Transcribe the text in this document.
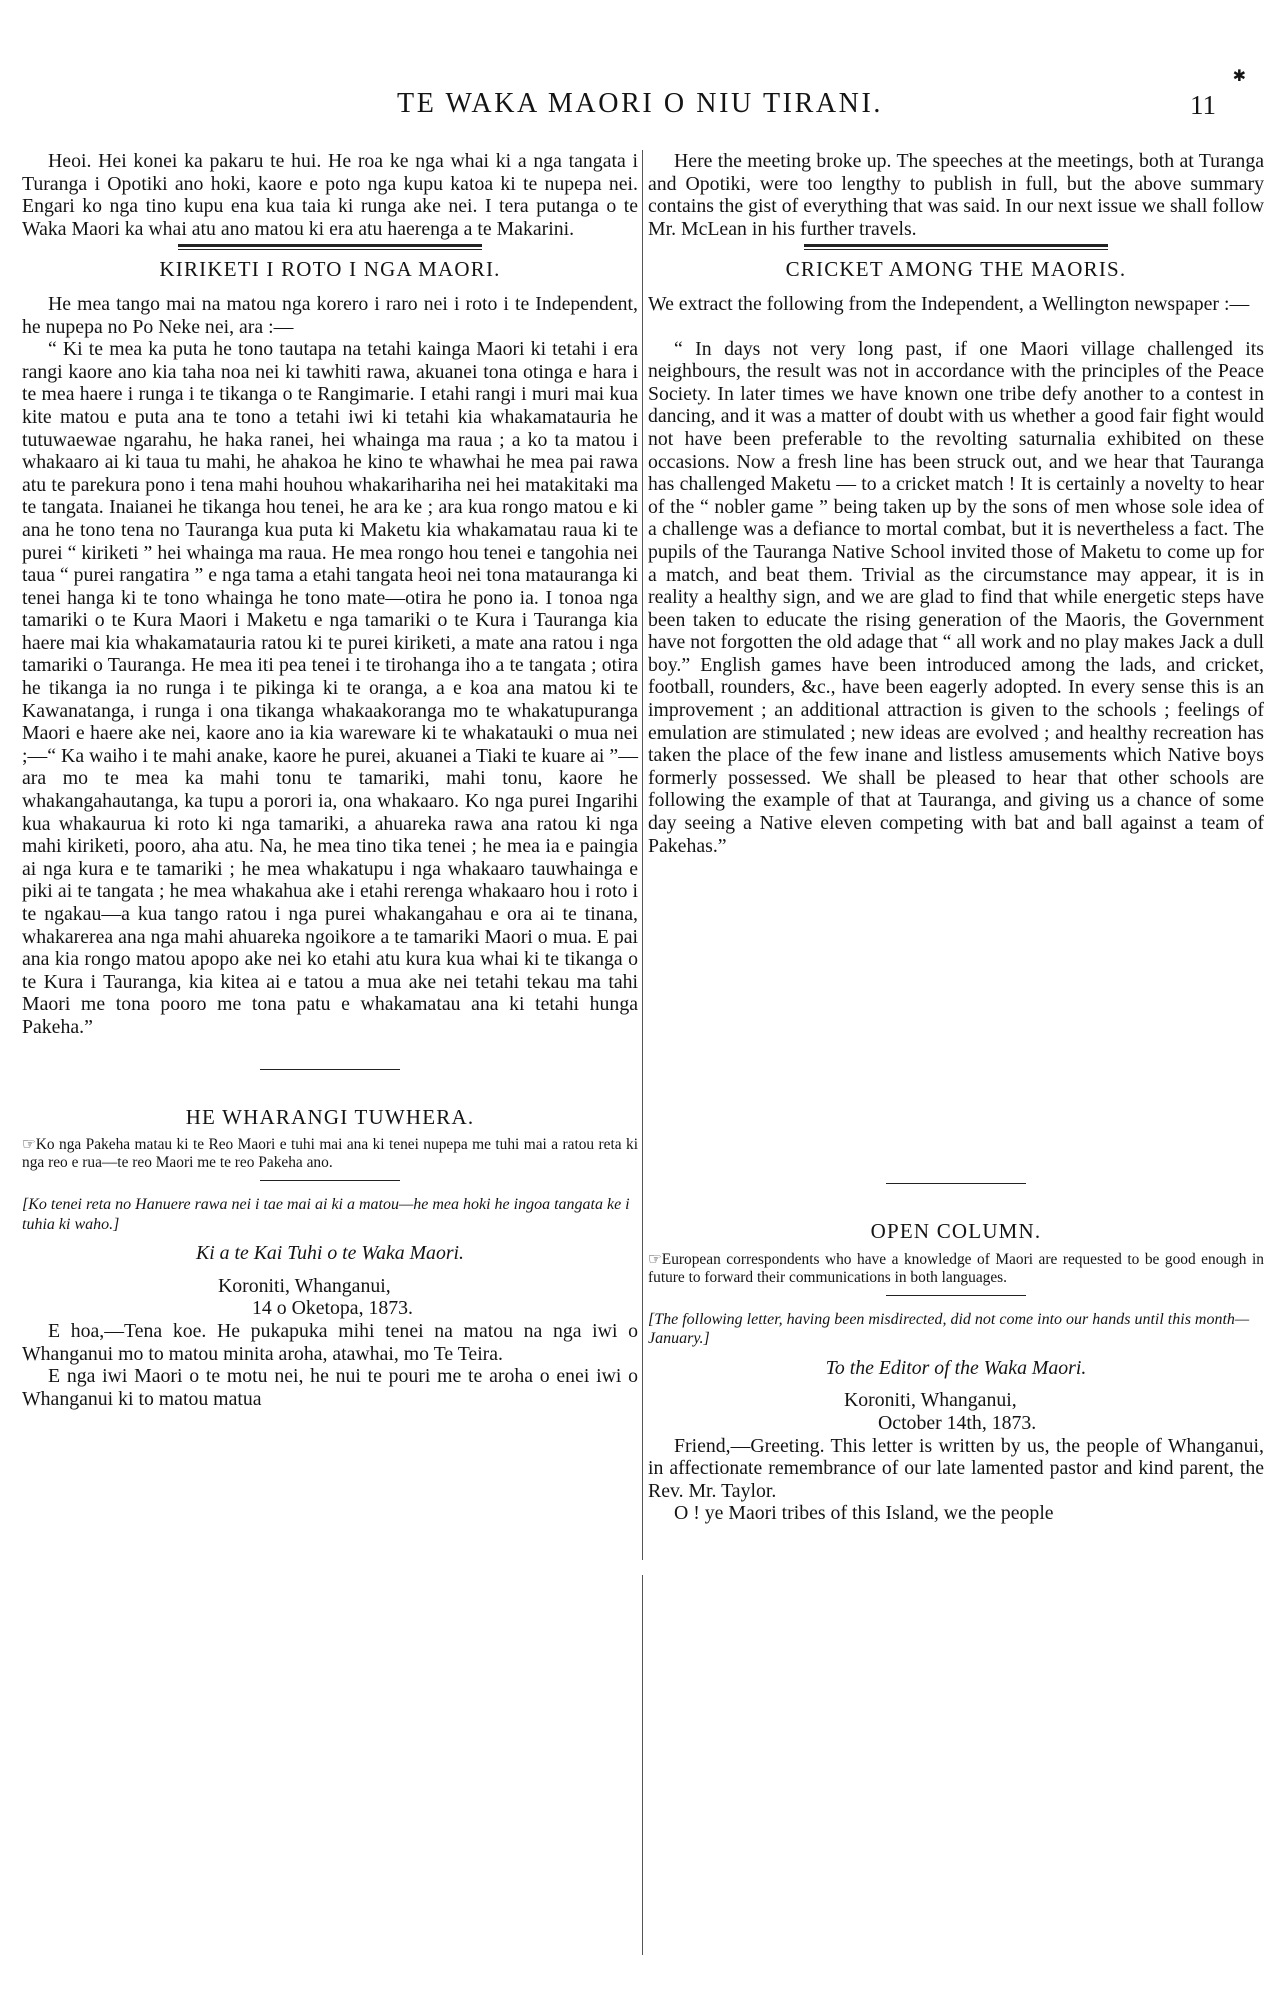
✱
TE WAKA MAORI O NIU TIRANI.	11

Heoi. Hei konei ka pakaru te hui. He roa ke nga whai ki a nga tangata i Turanga i Opotiki ano hoki, kaore e poto nga kupu katoa ki te nupepa nei. Engari ko nga tino kupu ena kua taia ki runga ake nei. I tera putanga o te Waka Maori ka whai atu ano matou ki era atu haerenga a te Makarini.

KIRIKETI I ROTO I NGA MAORI.

He mea tango mai na matou nga korero i raro nei i roto i te Independent, he nupepa no Po Neke nei, ara :—

“ Ki te mea ka puta he tono tautapa na tetahi kainga Maori ki tetahi i era rangi kaore ano kia taha noa nei ki tawhiti rawa, akuanei tona otinga e hara i te mea haere i runga i te tikanga o te Rangimarie. I etahi rangi i muri mai kua kite matou e puta ana te tono a tetahi iwi ki tetahi kia whakamatauria he tutuwaewae ngarahu, he haka ranei, hei whainga ma raua ; a ko ta matou i whakaaro ai ki taua tu mahi, he ahakoa he kino te whawhai he mea pai rawa atu te parekura pono i tena mahi houhou whakarihariha nei hei matakitaki ma te tangata. Inaianei he tikanga hou tenei, he ara ke ; ara kua rongo matou e ki ana he tono tena no Tauranga kua puta ki Maketu kia whakamatau raua ki te purei “ kiriketi ” hei whainga ma raua. He mea rongo hou tenei e tangohia nei taua “ purei rangatira ” e nga tama a etahi tangata heoi nei tona matauranga ki tenei hanga ki te tono whainga he tono mate—otira he pono ia. I tonoa nga tamariki o te Kura Maori i Maketu e nga tamariki o te Kura i Tauranga kia haere mai kia whakamatauria ratou ki te purei kiriketi, a mate ana ratou i nga tamariki o Tauranga. He mea iti pea tenei i te tirohanga iho a te tangata ; otira he tikanga ia no runga i te pikinga ki te oranga, a e koa ana matou ki te Kawanatanga, i runga i ona tikanga whakaakoranga mo te whakatupuranga Maori e haere ake nei, kaore ano ia kia wareware ki te whakatauki o mua nei ;—“ Ka waiho i te mahi anake, kaore he purei, akuanei a Tiaki te kuare ai ”—ara mo te mea ka mahi tonu te tamariki, mahi tonu, kaore he whakangahautanga, ka tupu a porori ia, ona whakaaro. Ko nga purei Ingarihi kua whakaurua ki roto ki nga tamariki, a ahuareka rawa ana ratou ki nga mahi kiriketi, pooro, aha atu. Na, he mea tino tika tenei ; he mea ia e paingia ai nga kura e te tamariki ; he mea whakatupu i nga whakaaro tauwhainga e piki ai te tangata ; he mea whakahua ake i etahi rerenga whakaaro hou i roto i te ngakau—a kua tango ratou i nga purei whakangahau e ora ai te tinana, whakarerea ana nga mahi ahuareka ngoikore a te tamariki Maori o mua. E pai ana kia rongo matou apopo ake nei ko etahi atu kura kua whai ki te tikanga o te Kura i Tauranga, kia kitea ai e tatou a mua ake nei tetahi tekau ma tahi Maori me tona pooro me tona patu e whakamatau ana ki tetahi hunga Pakeha.”

HE WHARANGI TUWHERA.

☞Ko nga Pakeha matau ki te Reo Maori e tuhi mai ana ki tenei nupepa me tuhi mai a ratou reta ki nga reo e rua—te reo Maori me te reo Pakeha ano.

[Ko tenei reta no Hanuere rawa nei i tae mai ai ki a matou—he mea hoki he ingoa tangata ke i tuhia ki waho.]

Ki a te Kai Tuhi o te Waka Maori.

Koroniti, Whanganui,

14 o Oketopa, 1873.

E hoa,—Tena koe. He pukapuka mihi tenei na matou na nga iwi o Whanganui mo to matou minita aroha, atawhai, mo Te Teira.

E nga iwi Maori o te motu nei, he nui te pouri me te aroha o enei iwi o Whanganui ki to matou matua

Here the meeting broke up. The speeches at the meetings, both at Turanga and Opotiki, were too lengthy to publish in full, but the above summary contains the gist of everything that was said. In our next issue we shall follow Mr. McLean in his further travels.

CRICKET AMONG THE MAORIS.

We extract the following from the Independent, a Wellington newspaper :—

“ In days not very long past, if one Maori village challenged its neighbours, the result was not in accordance with the principles of the Peace Society. In later times we have known one tribe defy another to a contest in dancing, and it was a matter of doubt with us whether a good fair fight would not have been preferable to the revolting saturnalia exhibited on these occasions. Now a fresh line has been struck out, and we hear that Tauranga has challenged Maketu — to a cricket match ! It is certainly a novelty to hear of the “ nobler game ” being taken up by the sons of men whose sole idea of a challenge was a defiance to mortal combat, but it is nevertheless a fact. The pupils of the Tauranga Native School invited those of Maketu to come up for a match, and beat them. Trivial as the circumstance may appear, it is in reality a healthy sign, and we are glad to find that while energetic steps have been taken to educate the rising generation of the Maoris, the Government have not forgotten the old adage that “ all work and no play makes Jack a dull boy.” English games have been introduced among the lads, and cricket, football, rounders, &c., have been eagerly adopted. In every sense this is an improvement ; an additional attraction is given to the schools ; feelings of emulation are stimulated ; new ideas are evolved ; and healthy recreation has taken the place of the few inane and listless amusements which Native boys formerly possessed. We shall be pleased to hear that other schools are following the example of that at Tauranga, and giving us a chance of some day seeing a Native eleven competing with bat and ball against a team of Pakehas.”

OPEN COLUMN.

☞European correspondents who have a knowledge of Maori are requested to be good enough in future to forward their communications in both languages.

[The following letter, having been misdirected, did not come into our hands until this month—January.]

To the Editor of the Waka Maori.

Koroniti, Whanganui,

October 14th, 1873.

Friend,—Greeting. This letter is written by us, the people of Whanganui, in affectionate remembrance of our late lamented pastor and kind parent, the Rev. Mr. Taylor.

O ! ye Maori tribes of this Island, we the people
